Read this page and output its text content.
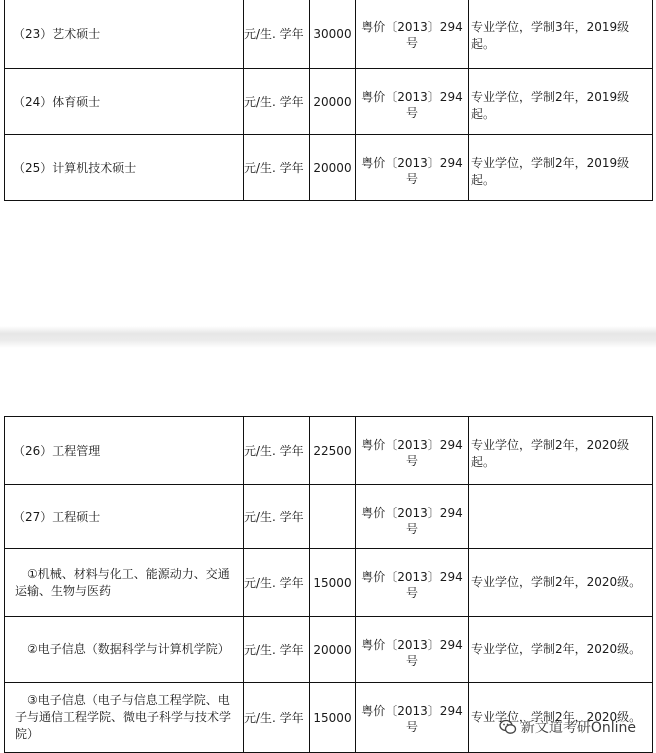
（23）艺术硕士	元/生. 学年	30000	粤价〔2013〕294号	专业学位，学制3年，2019级起。
（24）体育硕士	元/生. 学年	20000	粤价〔2013〕294号	专业学位，学制2年，2019级起。
（25）计算机技术硕士	元/生. 学年	20000	粤价〔2013〕294号	专业学位，学制2年，2019级起。
（26）工程管理	元/生. 学年	22500	粤价〔2013〕294号	专业学位，学制2年，2020级起。
（27）工程硕士	元/生. 学年		粤价〔2013〕294号	
①机械、材料与化工、能源动力、交通运输、生物与医药	元/生. 学年	15000	粤价〔2013〕294号	专业学位，学制2年，2020级。
②电子信息（数据科学与计算机学院）	元/生. 学年	20000	粤价〔2013〕294号	专业学位，学制2年，2020级。
③电子信息（电子与信息工程学院、电子与通信工程学院、微电子科学与技术学院）	元/生. 学年	15000	粤价〔2013〕294号	专业学位，学制2年，2020级。
新文道考研Online
